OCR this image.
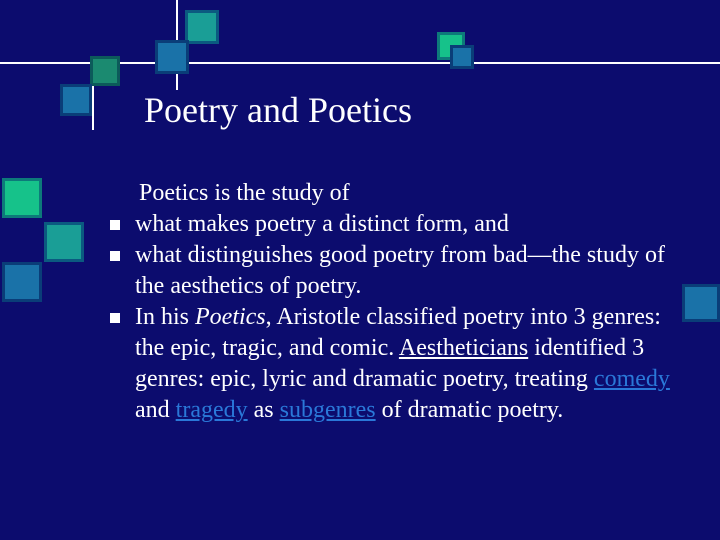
Poetry and Poetics
Poetics is the study of
what makes poetry a distinct form, and
what distinguishes good poetry from bad—the study of the aesthetics of poetry.
In his Poetics, Aristotle classified poetry into 3 genres: the epic, tragic, and comic. Aestheticians identified 3 genres: epic, lyric and dramatic poetry, treating comedy and tragedy as subgenres of dramatic poetry.
